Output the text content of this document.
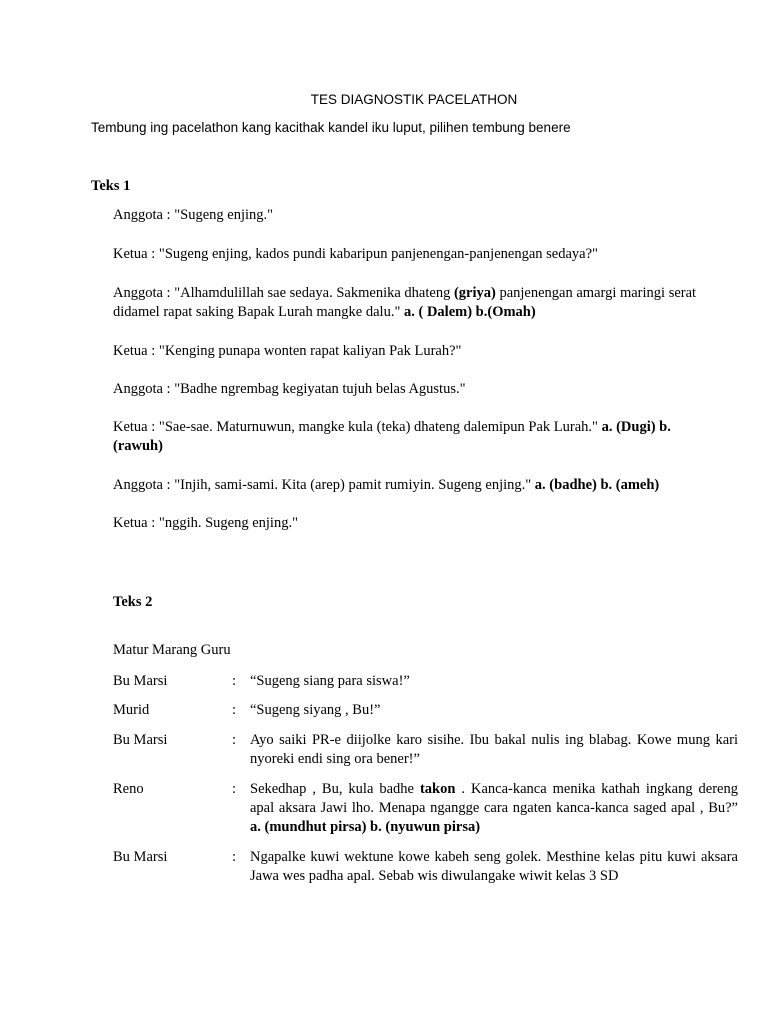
TES DIAGNOSTIK PACELATHON
Tembung ing pacelathon kang kacithak kandel iku luput, pilihen tembung benere
Teks 1
Anggota : "Sugeng enjing."
Ketua : "Sugeng enjing, kados pundi kabaripun panjenengan-panjenengan sedaya?"
Anggota : "Alhamdulillah sae sedaya. Sakmenika dhateng (griya) panjenengan amargi maringi serat didamel rapat saking Bapak Lurah mangke dalu." a. ( Dalem) b.(Omah)
Ketua : "Kenging punapa wonten rapat kaliyan Pak Lurah?"
Anggota : "Badhe ngrembag kegiyatan tujuh belas Agustus."
Ketua : "Sae-sae. Maturnuwun, mangke kula (teka) dhateng dalemipun Pak Lurah." a. (Dugi) b. (rawuh)
Anggota : "Injih, sami-sami. Kita (arep) pamit rumiyin. Sugeng enjing." a. (badhe) b. (ameh)
Ketua : "nggih. Sugeng enjing."
Teks 2
Matur Marang Guru
Bu Marsi	: “Sugeng siang para siswa!”
Murid	: “Sugeng siyang , Bu!”
Bu Marsi	: Ayo saiki PR-e diijolke karo sisihe. Ibu bakal nulis ing blabag. Kowe mung kari nyoreki endi sing ora bener!”
Reno	: Sekedhap , Bu, kula badhe takon . Kanca-kanca menika kathah ingkang dereng apal aksara Jawi lho. Menapa ngangge cara ngaten kanca-kanca saged apal , Bu?” a. (mundhut pirsa) b. (nyuwun pirsa)
Bu Marsi	: Ngapalke kuwi wektune kowe kabeh seng golek. Mesthine kelas pitu kuwi aksara Jawa wes padha apal. Sebab wis diwulangake wiwit kelas 3 SD
